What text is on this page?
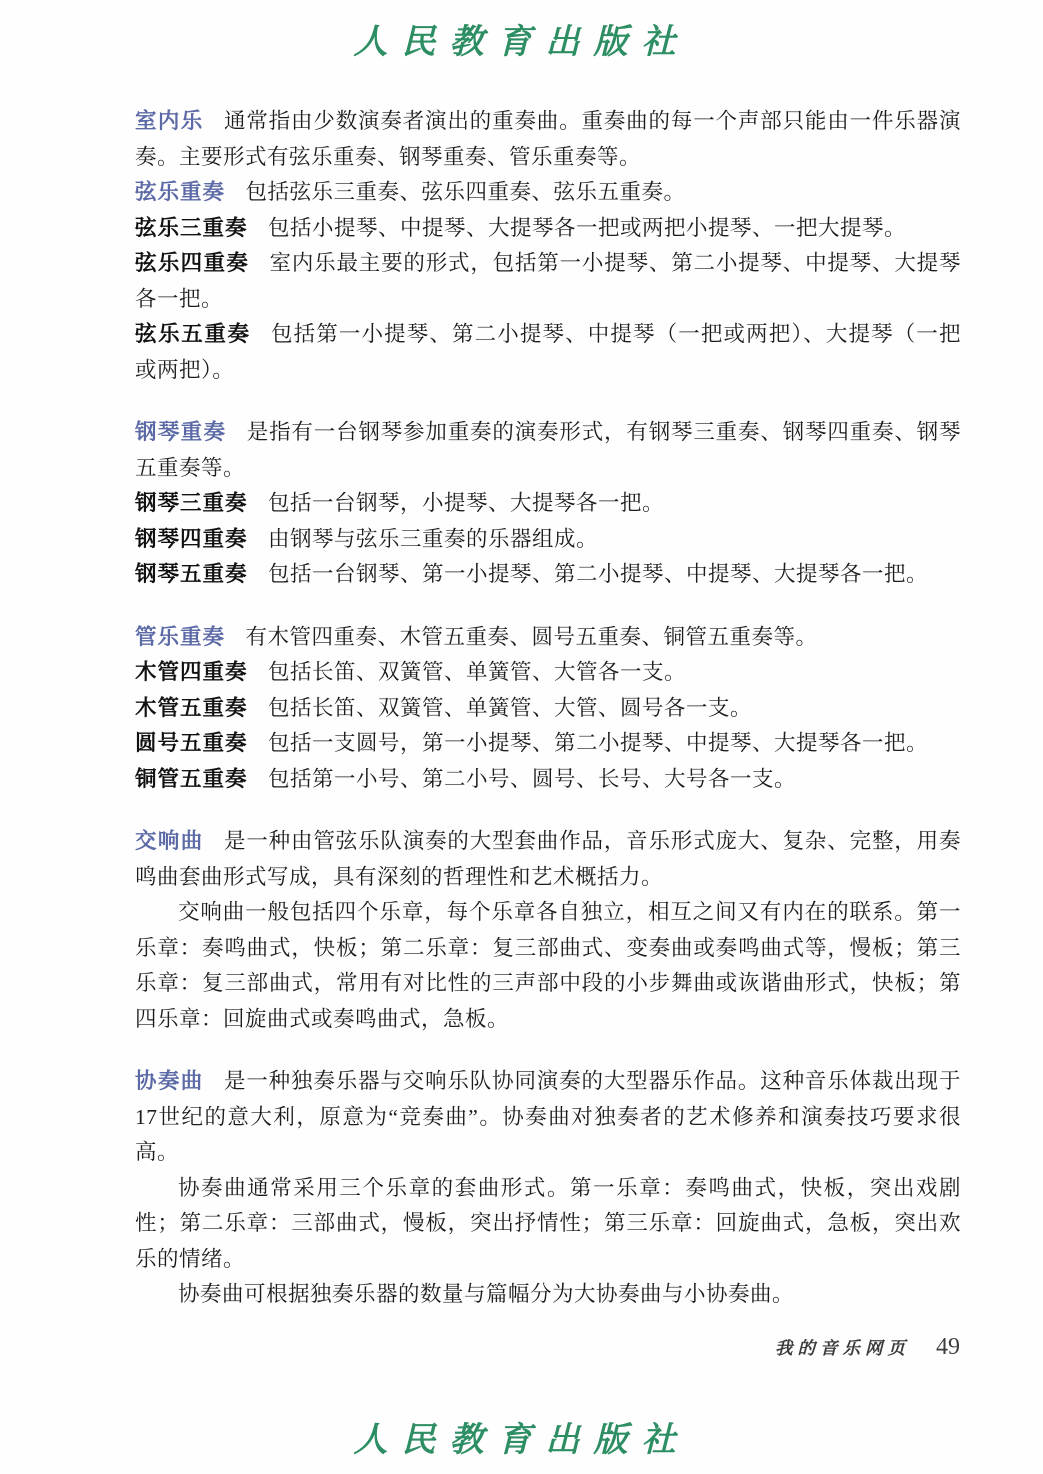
人民教育出版社

室内乐 通常指由少数演奏者演出的重奏曲。重奏曲的每一个声部只能由一件乐器演奏。主要形式有弦乐重奏、钢琴重奏、管乐重奏等。

弦乐重奏 包括弦乐三重奏、弦乐四重奏、弦乐五重奏。

弦乐三重奏 包括小提琴、中提琴、大提琴各一把或两把小提琴、一把大提琴。

弦乐四重奏 室内乐最主要的形式，包括第一小提琴、第二小提琴、中提琴、大提琴各一把。

弦乐五重奏 包括第一小提琴、第二小提琴、中提琴（一把或两把）、大提琴（一把或两把）。

钢琴重奏 是指有一台钢琴参加重奏的演奏形式，有钢琴三重奏、钢琴四重奏、钢琴五重奏等。

钢琴三重奏 包括一台钢琴，小提琴、大提琴各一把。

钢琴四重奏 由钢琴与弦乐三重奏的乐器组成。

钢琴五重奏 包括一台钢琴、第一小提琴、第二小提琴、中提琴、大提琴各一把。

管乐重奏 有木管四重奏、木管五重奏、圆号五重奏、铜管五重奏等。

木管四重奏 包括长笛、双簧管、单簧管、大管各一支。

木管五重奏 包括长笛、双簧管、单簧管、大管、圆号各一支。

圆号五重奏 包括一支圆号，第一小提琴、第二小提琴、中提琴、大提琴各一把。

铜管五重奏 包括第一小号、第二小号、圆号、长号、大号各一支。

交响曲 是一种由管弦乐队演奏的大型套曲作品，音乐形式庞大、复杂、完整，用奏鸣曲套曲形式写成，具有深刻的哲理性和艺术概括力。

交响曲一般包括四个乐章，每个乐章各自独立，相互之间又有内在的联系。第一乐章：奏鸣曲式，快板；第二乐章：复三部曲式、变奏曲或奏鸣曲式等，慢板；第三乐章：复三部曲式，常用有对比性的三声部中段的小步舞曲或诙谐曲形式，快板；第四乐章：回旋曲式或奏鸣曲式，急板。

协奏曲 是一种独奏乐器与交响乐队协同演奏的大型器乐作品。这种音乐体裁出现于17世纪的意大利，原意为“竞奏曲”。协奏曲对独奏者的艺术修养和演奏技巧要求很高。

协奏曲通常采用三个乐章的套曲形式。第一乐章：奏鸣曲式，快板，突出戏剧性；第二乐章：三部曲式，慢板，突出抒情性；第三乐章：回旋曲式，急板，突出欢乐的情绪。

协奏曲可根据独奏乐器的数量与篇幅分为大协奏曲与小协奏曲。

我的音乐网页 49
人民教育出版社
